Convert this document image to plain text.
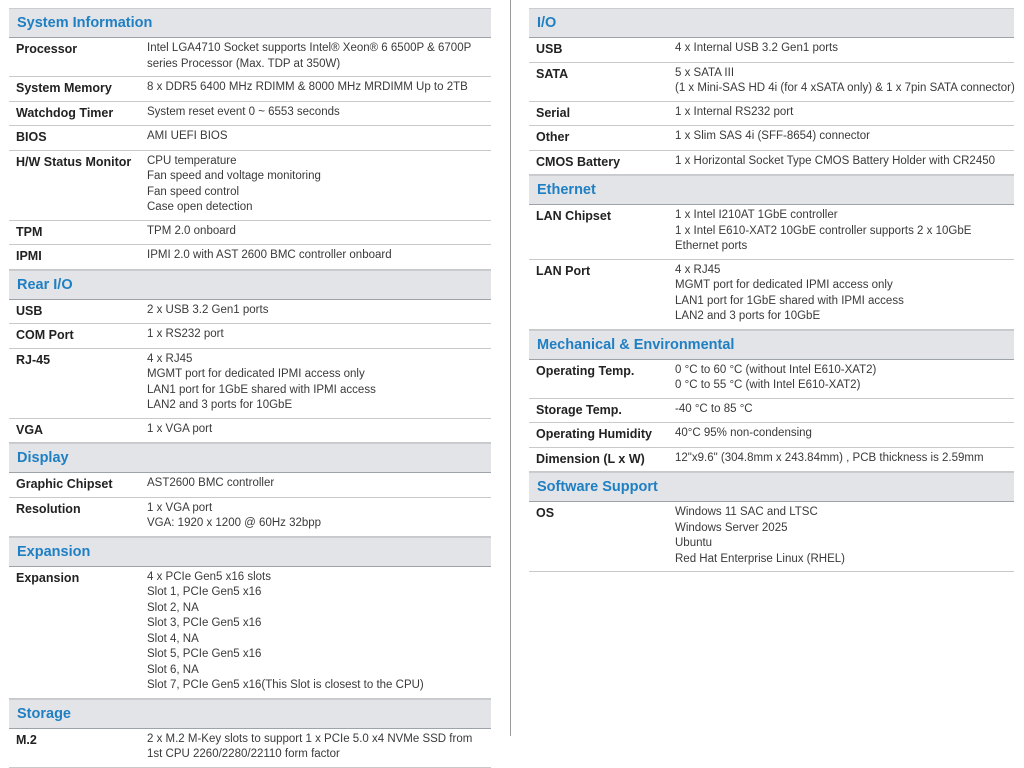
System Information
Processor	Intel LGA4710 Socket supports Intel® Xeon® 6 6500P & 6700P
series Processor (Max. TDP at 350W)
System Memory	8 x DDR5 6400 MHz RDIMM & 8000 MHz MRDIMM Up to 2TB
Watchdog Timer	System reset event 0 ~ 6553 seconds
BIOS	AMI UEFI BIOS
H/W Status Monitor	CPU temperature
Fan speed and voltage monitoring
Fan speed control
Case open detection
TPM	TPM 2.0 onboard
IPMI	IPMI 2.0 with AST 2600 BMC controller onboard
Rear I/O
USB	2 x USB 3.2 Gen1 ports
COM Port	1 x RS232 port
RJ-45	4 x RJ45
MGMT port for dedicated IPMI access only
LAN1 port for 1GbE shared with IPMI access
LAN2 and 3 ports for 10GbE
VGA	1 x VGA port
Display
Graphic Chipset	AST2600 BMC controller
Resolution	1 x VGA port
VGA: 1920 x 1200 @ 60Hz 32bpp
Expansion
Expansion	4 x PCIe Gen5 x16 slots
Slot 1, PCIe Gen5 x16
Slot 2, NA
Slot 3, PCIe Gen5 x16
Slot 4, NA
Slot 5, PCIe Gen5 x16
Slot 6, NA
Slot 7, PCIe Gen5 x16(This Slot is closest to the CPU)
Storage
M.2	2 x M.2 M-Key slots to support 1 x PCIe 5.0 x4 NVMe SSD from
1st CPU 2260/2280/22110 form factor
I/O
USB	4 x Internal USB 3.2 Gen1 ports
SATA	5 x SATA III
(1 x Mini-SAS HD 4i (for 4 xSATA only) & 1 x 7pin SATA connector)
Serial	1 x Internal RS232 port
Other	1 x Slim SAS 4i (SFF-8654) connector
CMOS Battery	1 x Horizontal Socket Type CMOS Battery Holder with CR2450
Ethernet
LAN Chipset	1 x Intel I210AT 1GbE controller
1 x Intel E610-XAT2 10GbE controller supports 2 x 10GbE
Ethernet ports
LAN Port	4 x RJ45
MGMT port for dedicated IPMI access only
LAN1 port for 1GbE shared with IPMI access
LAN2 and 3 ports for 10GbE
Mechanical & Environmental
Operating Temp.	0 °C to 60 °C (without Intel E610-XAT2)
0 °C to 55 °C (with Intel E610-XAT2)
Storage Temp.	-40 °C to 85 °C
Operating Humidity	40°C 95% non-condensing
Dimension (L x W)	12"x9.6" (304.8mm x 243.84mm) , PCB thickness is 2.59mm
Software Support
OS	Windows 11 SAC and LTSC
Windows Server 2025
Ubuntu
Red Hat Enterprise Linux (RHEL)
